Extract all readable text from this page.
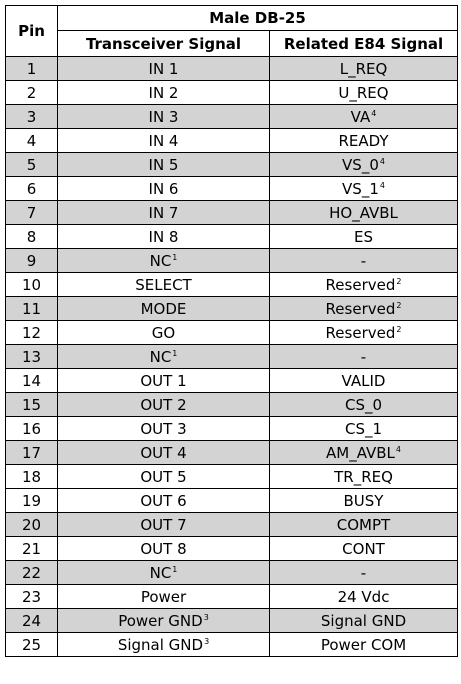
Pin	Male DB-25	
	Transceiver Signal	Related E84 Signal
1	IN 1	L_REQ
2	IN 2	U_REQ
3	IN 3	$VA^4$
4	IN 4	READY
5	IN 5	$VS\_0^4$
6	IN 6	$VS\_1^4$
7	IN 7	HO_AVBL
8	IN 8	ES
9	$NC^1$	-
10	SELECT	Reserved$^2$
11	MODE	Reserved$^2$
12	GO	Reserved$^2$
13	$NC^1$	-
14	OUT 1	VALID
15	OUT 2	CS_0
16	OUT 3	CS_1
17	OUT 4	AM_AVBL$^4$
18	OUT 5	TR_REQ
19	OUT 6	BUSY
20	OUT 7	COMPT
21	OUT 8	CONT
22	$NC^1$	-
23	Power	24 Vdc
24	Power GND$^3$	Signal GND
25	Signal GND$^3$	Power COM
